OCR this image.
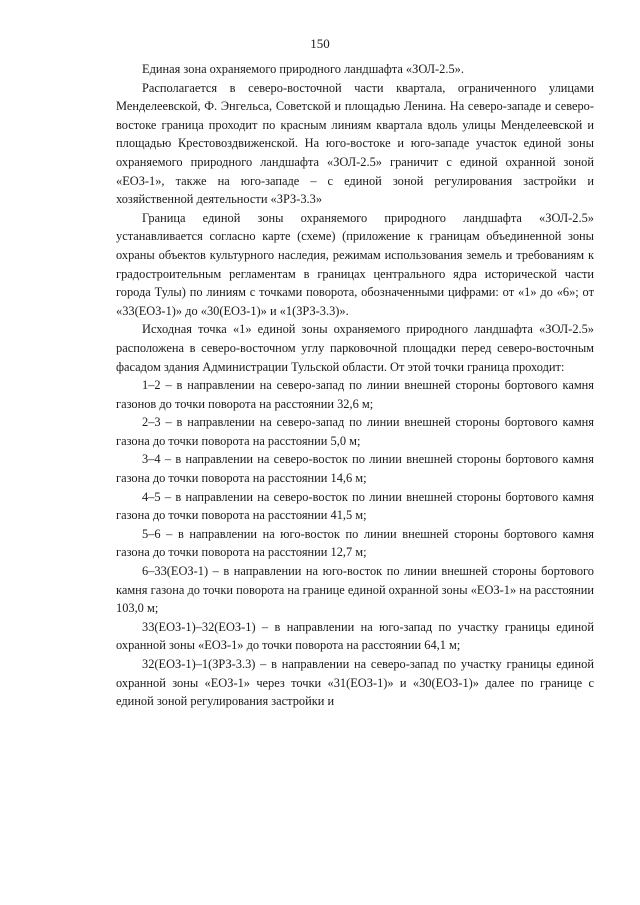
150

Единая зона охраняемого природного ландшафта «ЗОЛ-2.5».

Располагается в северо-восточной части квартала, ограниченного улицами Менделеевской, Ф. Энгельса, Советской и площадью Ленина. На северо-западе и северо-востоке граница проходит по красным линиям квартала вдоль улицы Менделеевской и площадью Крестовоздвиженской. На юго-востоке и юго-западе участок единой зоны охраняемого природного ландшафта «ЗОЛ-2.5» граничит с единой охранной зоной «ЕОЗ-1», также на юго-западе – с единой зоной регулирования застройки и хозяйственной деятельности «ЗРЗ-3.3»

Граница единой зоны охраняемого природного ландшафта «ЗОЛ-2.5» устанавливается согласно карте (схеме) (приложение к границам объединенной зоны охраны объектов культурного наследия, режимам использования земель и требованиям к градостроительным регламентам в границах центрального ядра исторической части города Тулы) по линиям с точками поворота, обозначенными цифрами: от «1» до «6»; от «33(ЕОЗ-1)» до «30(ЕОЗ-1)» и «1(ЗРЗ-3.3)».

Исходная точка «1» единой зоны охраняемого природного ландшафта «ЗОЛ-2.5» расположена в северо-восточном углу парковочной площадки перед северо-восточным фасадом здания Администрации Тульской области. От этой точки граница проходит:

1–2 – в направлении на северо-запад по линии внешней стороны бортового камня газонов до точки поворота на расстоянии 32,6 м;

2–3 – в направлении на северо-запад по линии внешней стороны бортового камня газона до точки поворота на расстоянии 5,0 м;

3–4 – в направлении на северо-восток по линии внешней стороны бортового камня газона до точки поворота на расстоянии 14,6 м;

4–5 – в направлении на северо-восток по линии внешней стороны бортового камня газона до точки поворота на расстоянии 41,5 м;

5–6 – в направлении на юго-восток по линии внешней стороны бортового камня газона до точки поворота на расстоянии 12,7 м;

6–33(ЕОЗ-1) – в направлении на юго-восток по линии внешней стороны бортового камня газона до точки поворота на границе единой охранной зоны «ЕОЗ-1» на расстоянии 103,0 м;

33(ЕОЗ-1)–32(ЕОЗ-1) – в направлении на юго-запад по участку границы единой охранной зоны «ЕОЗ-1» до точки поворота на расстоянии 64,1 м;

32(ЕОЗ-1)–1(ЗРЗ-3.3) – в направлении на северо-запад по участку границы единой охранной зоны «ЕОЗ-1» через точки «31(ЕОЗ-1)» и «30(ЕОЗ-1)» далее по границе с единой зоной регулирования застройки и
